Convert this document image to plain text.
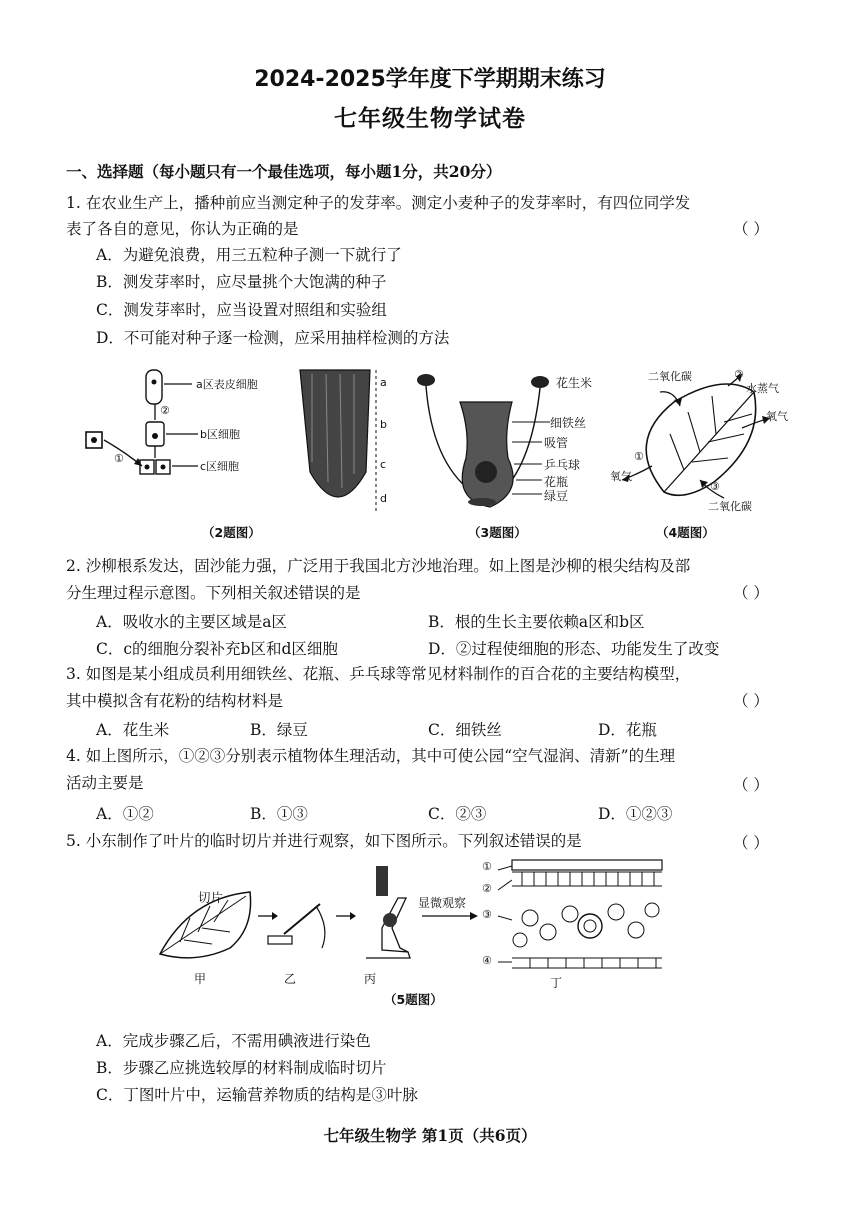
2024-2025学年度下学期期末练习
七年级生物学试卷
一、选择题（每小题只有一个最佳选项，每小题1分，共20分）
1. 在农业生产上，播种前应当测定种子的发芽率。测定小麦种子的发芽率时，有四位同学发
表了各自的意见，你认为正确的是	（ ）
A．为避免浪费，用三五粒种子测一下就行了
B．测发芽率时，应尽量挑个大饱满的种子
C．测发芽率时，应当设置对照组和实验组
D．不可能对种子逐一检测，应采用抽样检测的方法
a区表皮细胞
b区细胞
c区细胞
①
②
a
b
c
d
（2题图）
花生米
细铁丝
吸管
乒乓球
花瓶
绿豆
（3题图）
二氧化碳	②
水蒸气
氧气
①
氧气
③
二氧化碳
（4题图）
2. 沙柳根系发达，固沙能力强，广泛用于我国北方沙地治理。如上图是沙柳的根尖结构及部
分生理过程示意图。下列相关叙述错误的是	（ ）
A．吸收水的主要区域是a区	B．根的生长主要依赖a区和b区
C．c的细胞分裂补充b区和d区细胞	D．②过程使细胞的形态、功能发生了改变
3. 如图是某小组成员利用细铁丝、花瓶、乒乓球等常见材料制作的百合花的主要结构模型，
其中模拟含有花粉的结构材料是	（ ）
A．花生米	B．绿豆	C．细铁丝	D．花瓶
4. 如上图所示，①②③分别表示植物体生理活动，其中可使公园“空气湿润、清新”的生理
活动主要是	（ ）
A．①②	B．①③	C．②③	D．①②③
5. 小东制作了叶片的临时切片并进行观察，如下图所示。下列叙述错误的是	（ ）
切片	显微观察
甲	乙	丙	丁
①
②
③
④
（5题图）
A．完成步骤乙后，不需用碘液进行染色
B．步骤乙应挑选较厚的材料制成临时切片
C．丁图叶片中，运输营养物质的结构是③叶脉
七年级生物学 第1页（共6页）
